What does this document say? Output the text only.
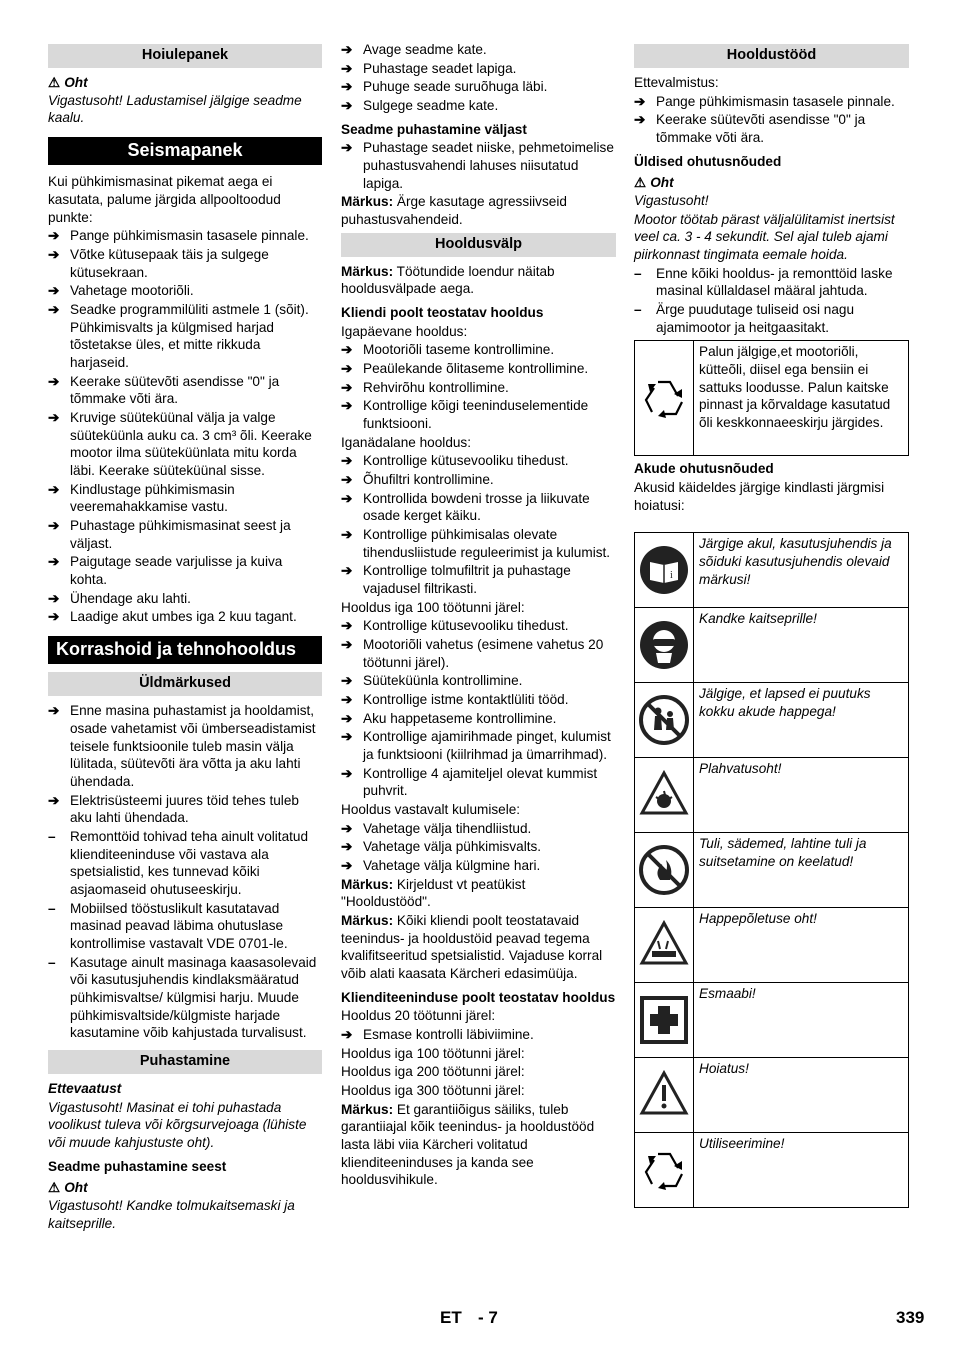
Hoiulepanek
⚠ Oht

Vigastusoht! Ladustamisel jälgige seadme kaalu.

Seismapanek

Kui pühkimismasinat pikemat aega ei kasutata, palume järgida allpooltoodud punkte:

➔ Pange pühkimismasin tasasele pinnale.
➔ Võtke kütusepaak täis ja sulgege kütusekraan.
➔ Vahetage mootoriõli.
➔ Seadke programmilüliti astmele 1 (sõit). Pühkimisvalts ja külgmised harjad tõstetakse üles, et mitte rikkuda harjaseid.
➔ Keerake süütevõti asendisse "0" ja tõmmake võti ära.
➔ Kruvige süüteküünal välja ja valge süüteküünla auku ca. 3 cm³ õli. Keerake mootor ilma süüteküünlata mitu korda läbi. Keerake süüteküünal sisse.
➔ Kindlustage pühkimismasin veeremahakkamise vastu.
➔ Puhastage pühkimismasinat seest ja väljast.
➔ Paigutage seade varjulisse ja kuiva kohta.
➔ Ühendage aku lahti.
➔ Laadige akut umbes iga 2 kuu tagant.
Korrashoid ja tehnohooldus
Üldmärkused
➔ Enne masina puhastamist ja hooldamist, osade vahetamist või ümberseadistamist teisele funktsioonile tuleb masin välja lülitada, süütevõti ära võtta ja aku lahti ühendada.
➔ Elektrisüsteemi juures töid tehes tuleb aku lahti ühendada.
–	Remonttöid tohivad teha ainult volitatud klienditeeninduse või vastava ala spetsialistid, kes tunnevad kõiki asjaomaseid ohutuseeskirju.
–	Mobiilsed tööstuslikult kasutatavad masinad peavad läbima ohutuslase kontrollimise vastavalt VDE 0701-le.
–	Kasutage ainult masinaga kaasasolevaid või kasutusjuhendis kindlaksmääratud pühkimisvaltse/ külgmisi harju. Muude pühkimisvaltside/külgmiste harjade kasutamine võib kahjustada turvalisust.
Puhastamine

Ettevaatust

Vigastusoht! Masinat ei tohi puhastada voolikust tuleva või kõrgsurvejoaga (lühiste või muude kahjustuste oht).

Seadme puhastamine seest

⚠ Oht

Vigastusoht! Kandke tolmukaitsemaski ja kaitseprille.

➔ Avage seadme kate.
➔ Puhastage seadet lapiga.
➔ Puhuge seade suruõhuga läbi.
➔ Sulgege seadme kate.

Seadme puhastamine väljast

➔ Puhastage seadet niiske, pehmetoimelise puhastusvahendi lahuses niisutatud lapiga.

Märkus: Ärge kasutage agressiivseid puhastusvahendeid.

Hooldusvälp

Märkus: Töötundide loendur näitab hooldusvälpade aega.

Kliendi poolt teostatav hooldus

Igapäevane hooldus:

➔ Mootoriõli taseme kontrollimine.
➔ Peaülekande õlitaseme kontrollimine.
➔ Rehvirõhu kontrollimine.
➔ Kontrollige kõigi teeninduselementide funktsiooni.

Iganädalane hooldus:

➔ Kontrollige kütusevooliku tihedust.
➔ Õhufiltri kontrollimine.
➔ Kontrollida bowdeni trosse ja liikuvate osade kerget käiku.
➔ Kontrollige pühkimisalas olevate tihendusliistude reguleerimist ja kulumist.
➔ Kontrollige tolmufiltrit ja puhastage vajadusel filtrikasti.

Hooldus iga 100 töötunni järel:

➔ Kontrollige kütusevooliku tihedust.
➔ Mootoriõli vahetus (esimene vahetus 20 töötunni järel).
➔ Süüteküünla kontrollimine.
➔ Kontrollige istme kontaktlüliti tööd.
➔ Aku happetaseme kontrollimine.
➔ Kontrollige ajamirihmade pinget, kulumist ja funktsiooni (kiilrihmad ja ümarrihmad).
➔ Kontrollige 4 ajamiteljel olevat kummist puhvrit.

Hooldus vastavalt kulumisele:

➔ Vahetage välja tihendliistud.
➔ Vahetage välja pühkimisvalts.
➔ Vahetage välja külgmine hari.

Märkus: Kirjeldust vt peatükist "Hooldustööd".

Märkus: Kõiki kliendi poolt teostatavaid teenindus- ja hooldustöid peavad tegema kvalifitseeritud spetsialistid. Vajaduse korral võib alati kaasata Kärcheri edasimüüja.

Klienditeeninduse poolt teostatav hooldus

Hooldus 20 töötunni järel:

➔ Esmase kontrolli läbiviimine.

Hooldus iga 100 töötunni järel:

Hooldus iga 200 töötunni järel:

Hooldus iga 300 töötunni järel:

Märkus: Et garantiiõigus säiliks, tuleb garantiiajal kõik teenindus- ja hooldustööd lasta läbi viia Kärcheri volitatud klienditeeninduses ja kanda see hooldusvihikule.

Hooldustööd

Ettevalmistus:

➔ Pange pühkimismasin tasasele pinnale.
➔ Keerake süütevõti asendisse "0" ja tõmmake võti ära.

Üldised ohutusnõuded

⚠ Oht

Vigastusoht!

Mootor töötab pärast väljalülitamist inertsist veel ca. 3 - 4 sekundit. Sel ajal tuleb ajami piirkonnast tingimata eemale hoida.

–	Enne kõiki hooldus- ja remonttöid laske masinal küllaldasel määral jahtuda.
–	Ärge puudutage tuliseid osi nagu ajamimootor ja heitgaasitakt.
	Palun jälgige,et mootoriõli, kütteõli, diisel ega bensiin ei sattuks loodusse. Palun kaitske pinnast ja kõrvaldage kasutatud õli keskkonnaeeskirju järgides.

Akude ohutusnõuded

Akusid käideldes järgige kindlasti järgmisi hoiatusi:

i	Järgige akul, kasutusjuhendis ja sõiduki kasutusjuhendis olevaid märkusi!

	Kandke kaitseprille!

	Jälgige, et lapsed ei puutuks kokku akude happega!

	Plahvatusoht!

	Tuli, sädemed, lahtine tuli ja suitsetamine on keelatud!

	Happepõletuse oht!

	Esmaabi!

	Hoiatus!

	Utiliseerimine!
ET - 7	339
